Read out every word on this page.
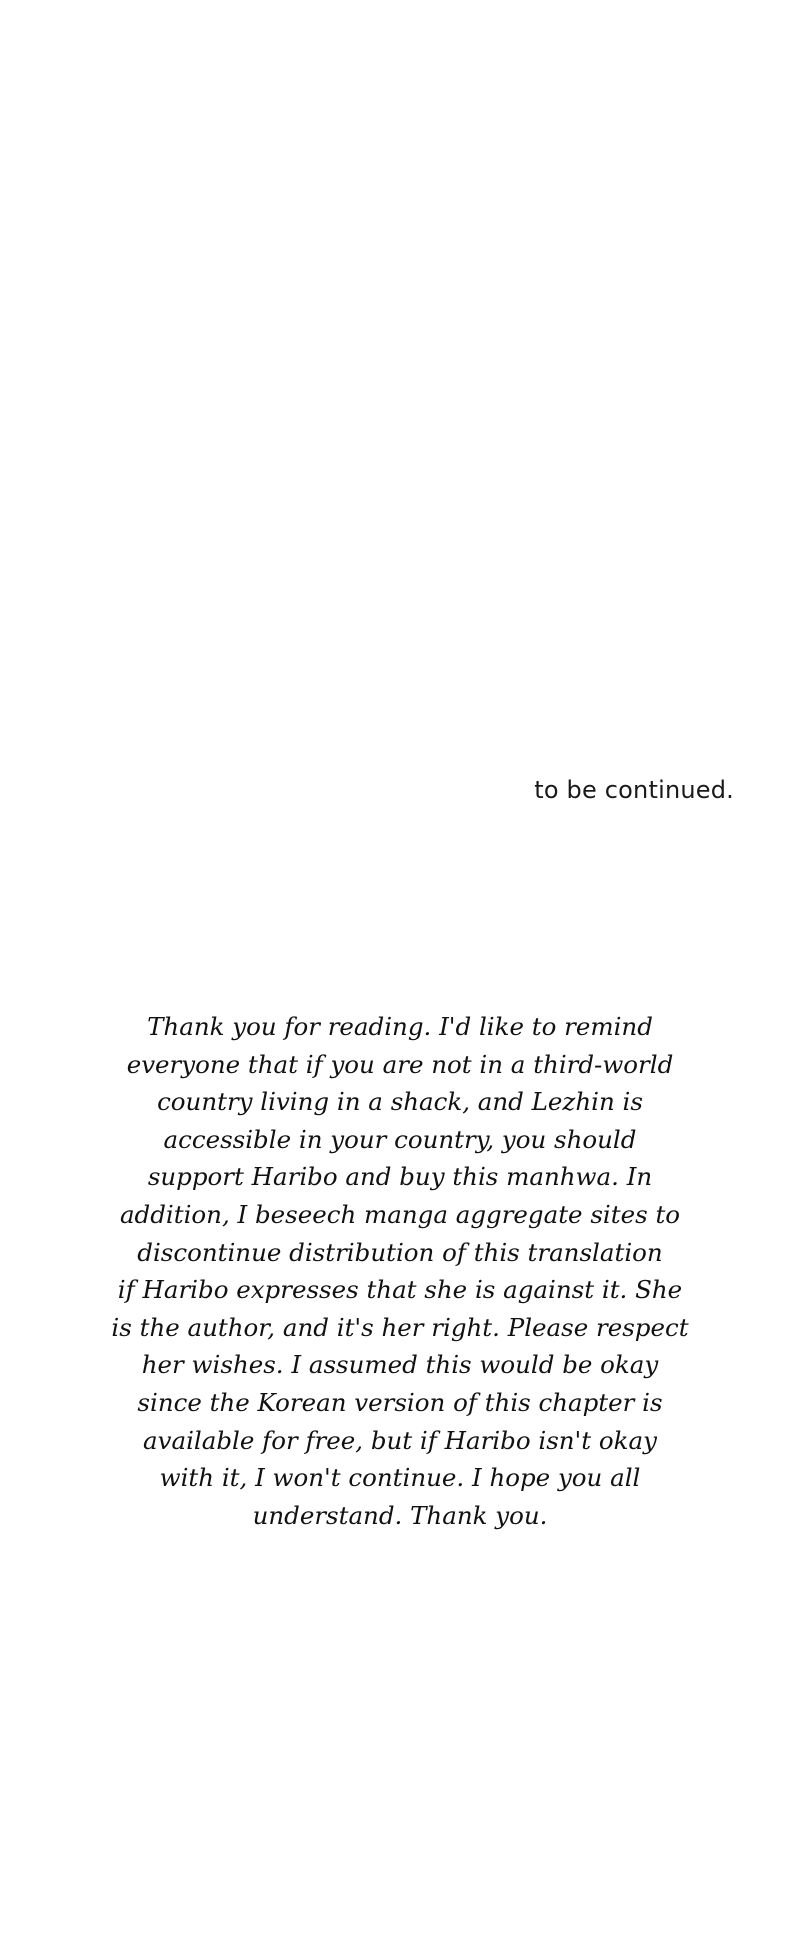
to be continued.
Thank you for reading. I'd like to remind
everyone that if you are not in a third-world
country living in a shack, and Lezhin is
accessible in your country, you should
support Haribo and buy this manhwa. In
addition, I beseech manga aggregate sites to
discontinue distribution of this translation
if Haribo expresses that she is against it. She
is the author, and it's her right. Please respect
her wishes. I assumed this would be okay
since the Korean version of this chapter is
available for free, but if Haribo isn't okay
with it, I won't continue. I hope you all
understand. Thank you.
